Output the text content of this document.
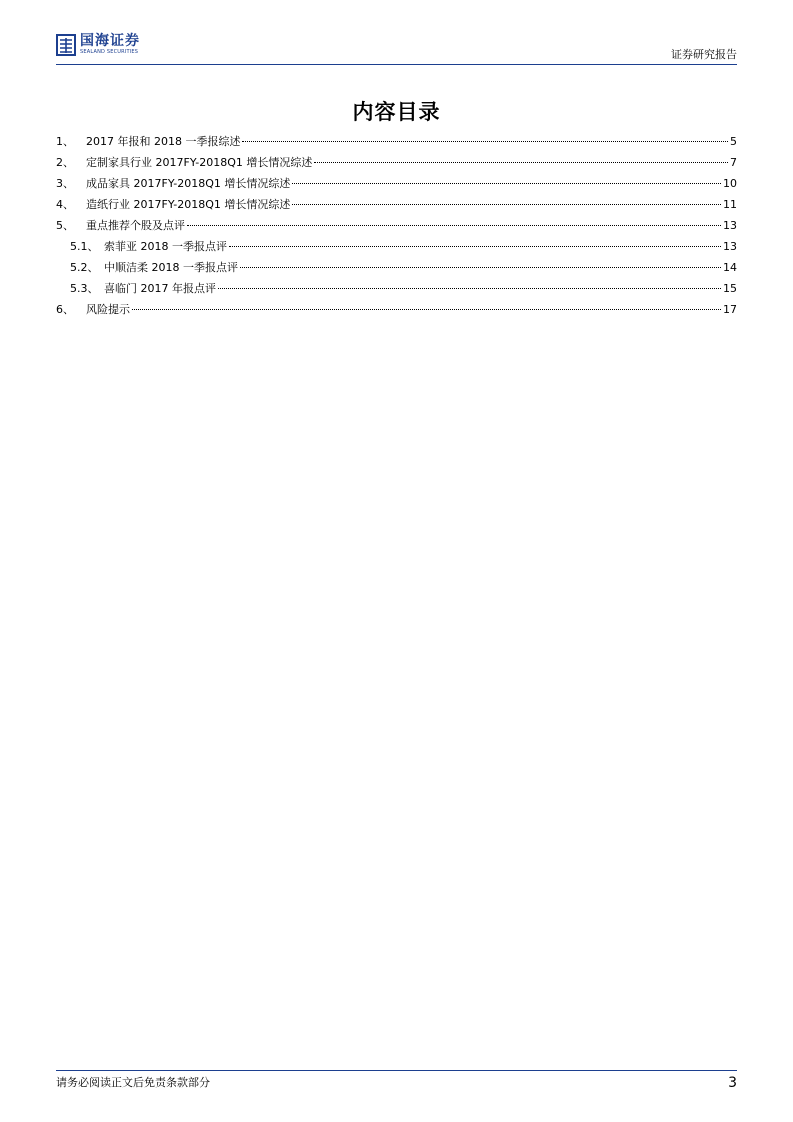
国海证券
SEALAND SECURITIES	证券研究报告
内容目录
1、	2017 年报和 2018 一季报综述	5
2、	定制家具行业 2017FY-2018Q1 增长情况综述	7
3、	成品家具 2017FY-2018Q1 增长情况综述	10
4、	造纸行业 2017FY-2018Q1 增长情况综述	11
5、	重点推荐个股及点评	13
5.1、 索菲亚 2018 一季报点评	13
5.2、 中顺洁柔 2018 一季报点评	14
5.3、 喜临门 2017 年报点评	15
6、	风险提示	17
请务必阅读正文后免责条款部分	3
